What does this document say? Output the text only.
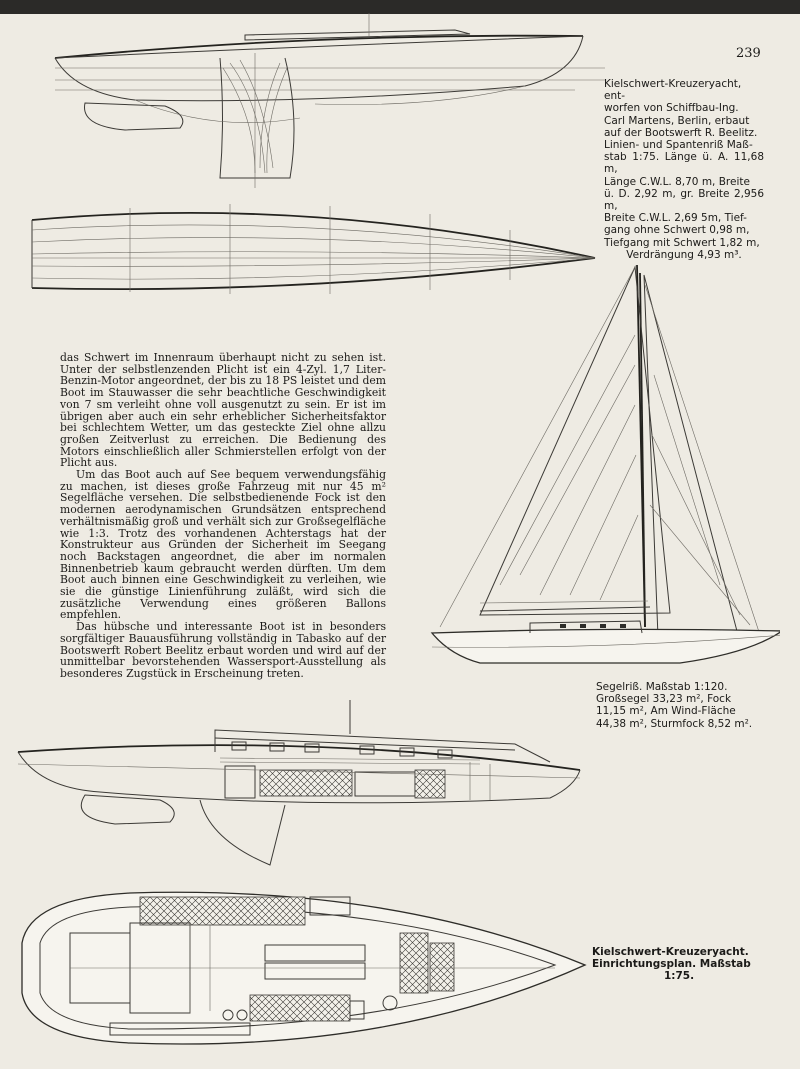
239
Kielschwert-Kreuzeryacht, ent-
worfen von Schiffbau-Ing.
Carl Martens, Berlin, erbaut
auf der Bootswerft R. Beelitz.
Linien- und Spantenriß Maß-
stab 1:75. Länge ü. A. 11,68 m,
Länge C.W.L. 8,70 m, Breite
ü. D. 2,92 m, gr. Breite 2,956 m,
Breite C.W.L. 2,69 5m, Tief-
gang ohne Schwert 0,98 m,
Tiefgang mit Schwert 1,82 m,
Verdrängung 4,93 m³.
Segelriß. Maßstab 1:120.
Großsegel 33,23 m², Fock
11,15 m², Am Wind-Fläche
44,38 m², Sturmfock 8,52 m².

das Schwert im Innenraum überhaupt nicht zu sehen ist. Unter der selbstlenzenden Plicht ist ein 4-Zyl. 1,7 Liter-Benzin-Motor angeordnet, der bis zu 18 PS leistet und dem Boot im Stauwasser die sehr beachtliche Geschwindigkeit von 7 sm verleiht ohne voll ausgenutzt zu sein. Er ist im übrigen aber auch ein sehr erheblicher Sicherheitsfaktor bei schlechtem Wetter, um das gesteckte Ziel ohne allzu großen Zeitverlust zu erreichen. Die Bedienung des Motors einschließlich aller Schmierstellen erfolgt von der Plicht aus.

Um das Boot auch auf See bequem verwendungsfähig zu machen, ist dieses große Fahrzeug mit nur 45 m² Segelfläche versehen. Die selbstbedienende Fock ist den modernen aerodynamischen Grundsätzen entsprechend verhältnismäßig groß und verhält sich zur Großsegelfläche wie 1:3. Trotz des vorhandenen Achterstags hat der Konstrukteur aus Gründen der Sicherheit im Seegang noch Backstagen angeordnet, die aber im normalen Binnenbetrieb kaum gebraucht werden dürften. Um dem Boot auch binnen eine Geschwindigkeit zu verleihen, wie sie die günstige Linienführung zuläßt, wird sich die zusätzliche Verwendung eines größeren Ballons empfehlen.

Das hübsche und interessante Boot ist in besonders sorgfältiger Bauausführung vollständig in Tabasko auf der Bootswerft Robert Beelitz erbaut worden und wird auf der unmittelbar bevorstehenden Wassersport-Ausstellung als besonderes Zugstück in Erscheinung treten.

Kielschwert-Kreuzeryacht.
Einrichtungsplan. Maßstab
1:75.
